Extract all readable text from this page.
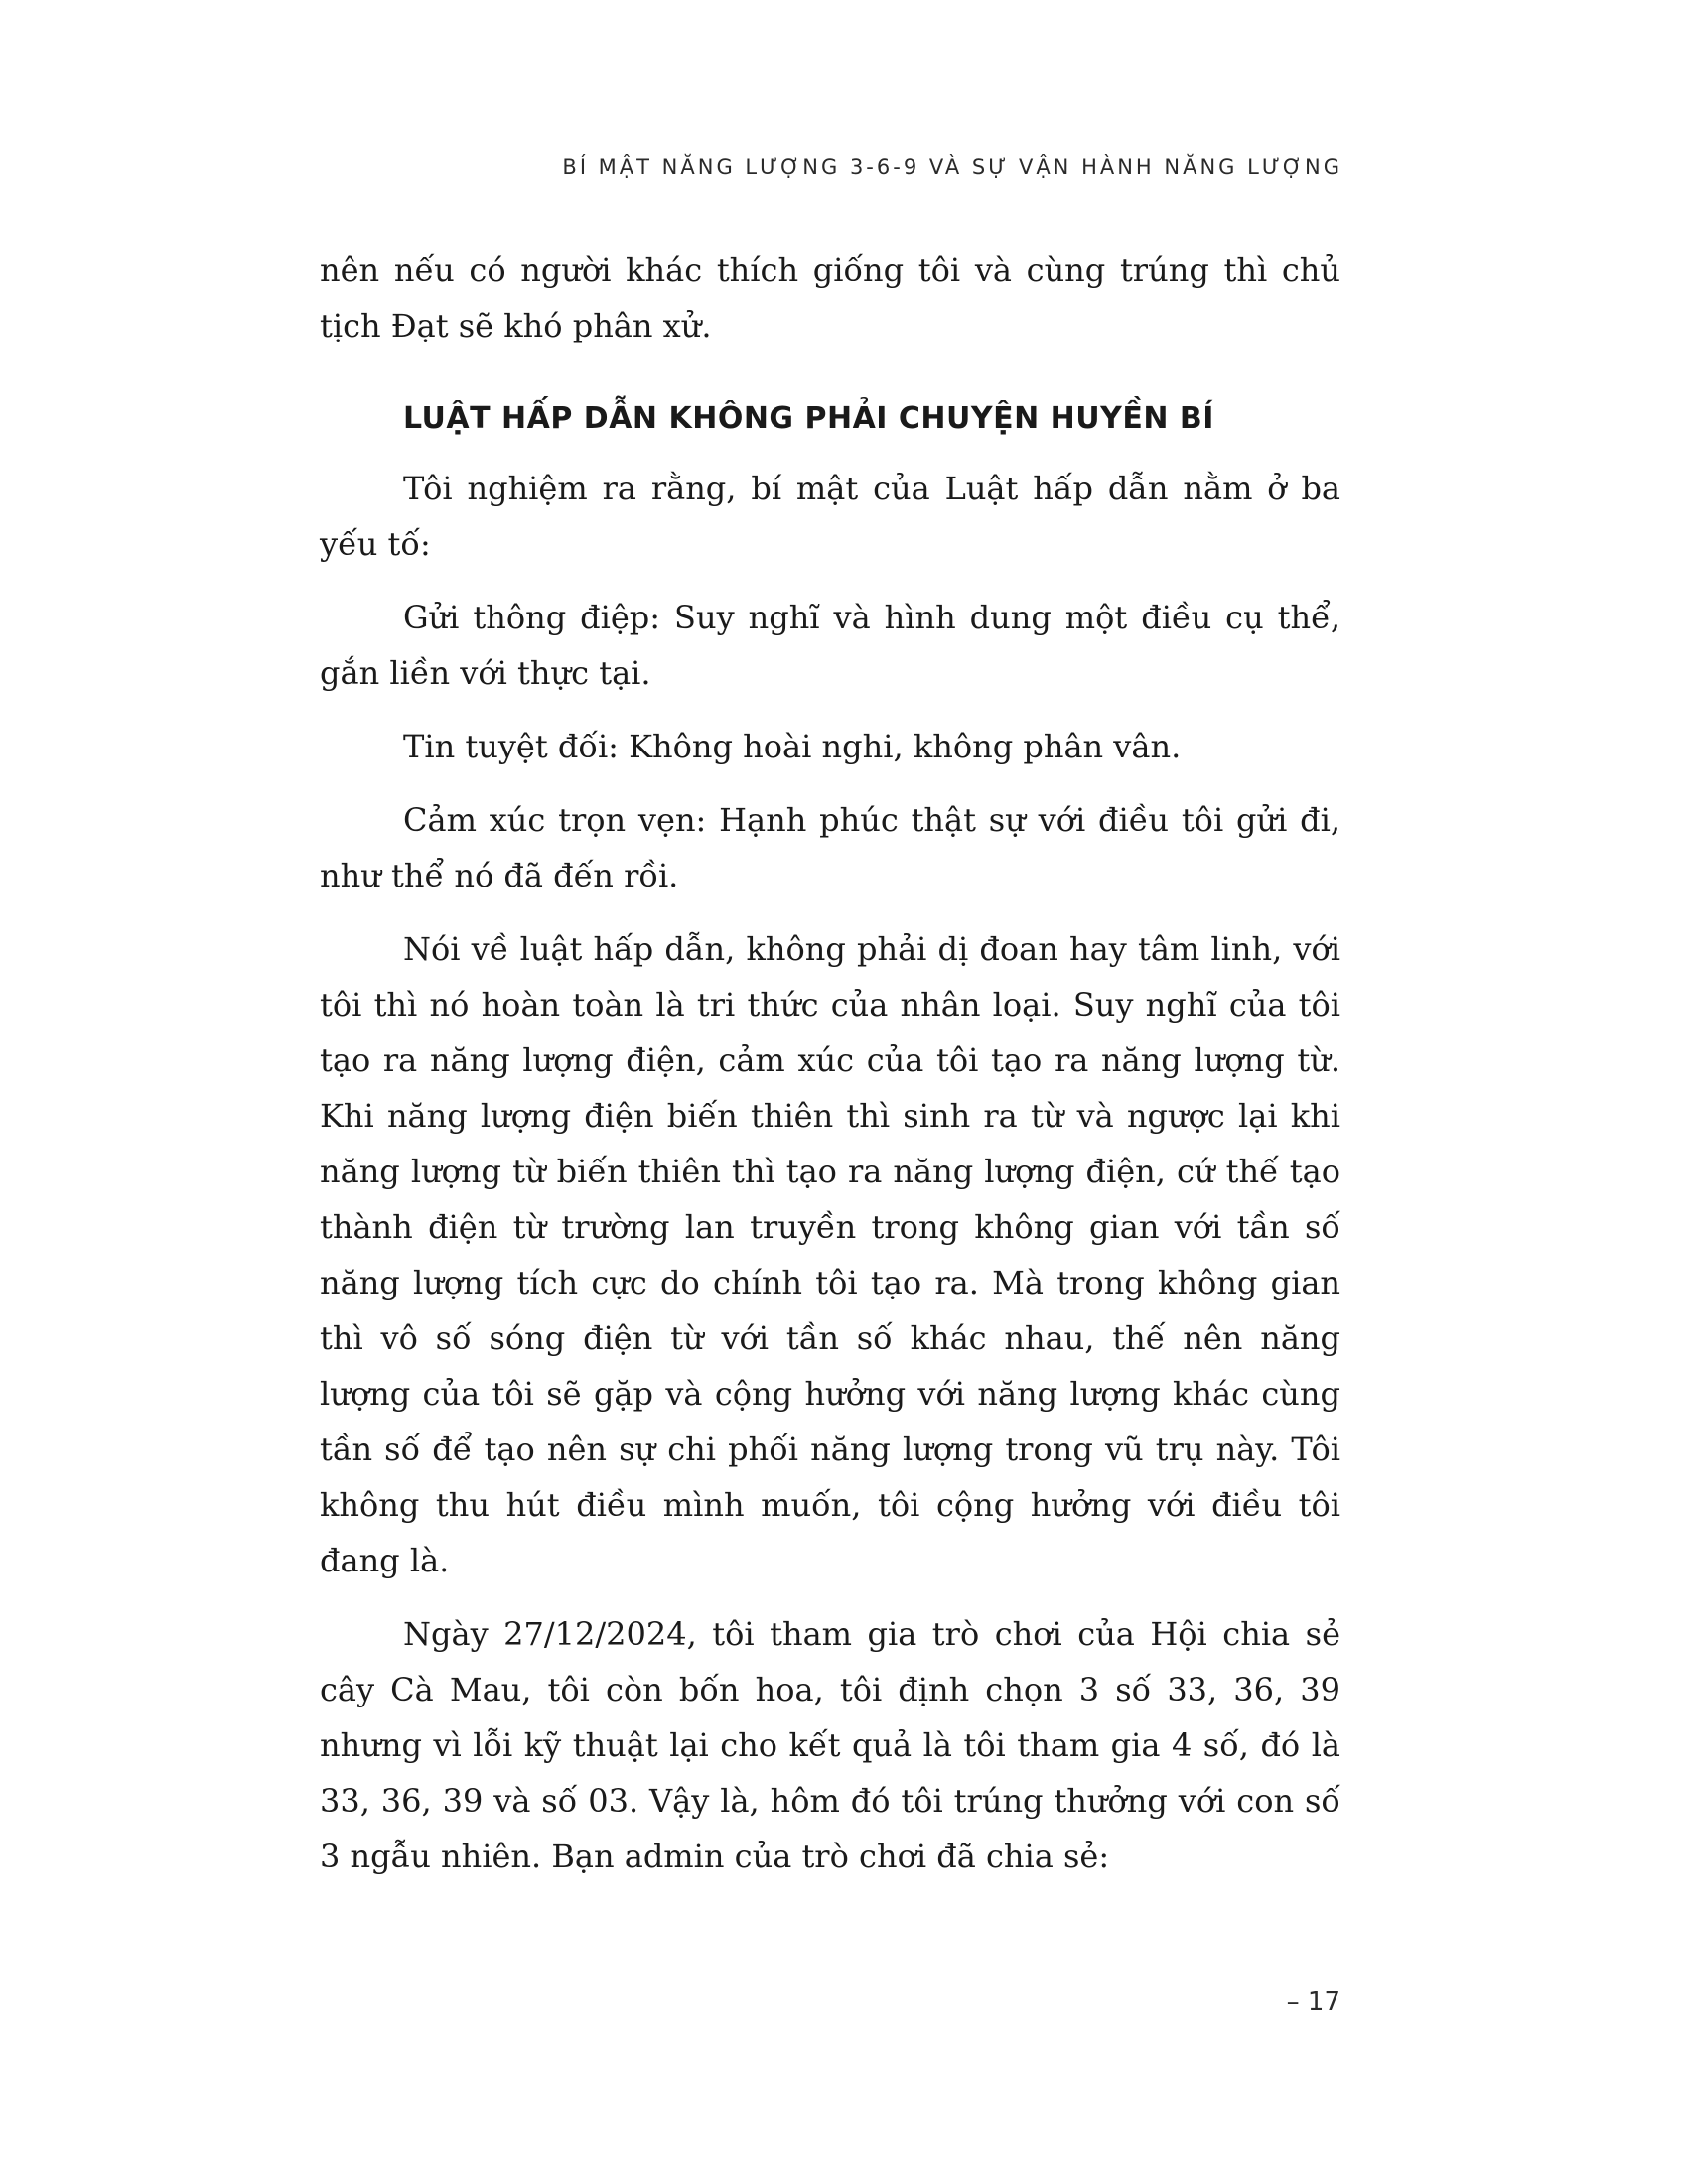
BÍ MẬT NĂNG LƯỢNG 3-6-9 VÀ SỰ VẬN HÀNH NĂNG LƯỢNG

nên nếu có người khác thích giống tôi và cùng trúng thì chủ tịch Đạt sẽ khó phân xử.

LUẬT HẤP DẪN KHÔNG PHẢI CHUYỆN HUYỀN BÍ

Tôi nghiệm ra rằng, bí mật của Luật hấp dẫn nằm ở ba yếu tố:

Gửi thông điệp: Suy nghĩ và hình dung một điều cụ thể, gắn liền với thực tại.

Tin tuyệt đối: Không hoài nghi, không phân vân.

Cảm xúc trọn vẹn: Hạnh phúc thật sự với điều tôi gửi đi, như thể nó đã đến rồi.

Nói về luật hấp dẫn, không phải dị đoan hay tâm linh, với tôi thì nó hoàn toàn là tri thức của nhân loại. Suy nghĩ của tôi tạo ra năng lượng điện, cảm xúc của tôi tạo ra năng lượng từ. Khi năng lượng điện biến thiên thì sinh ra từ và ngược lại khi năng lượng từ biến thiên thì tạo ra năng lượng điện, cứ thế tạo thành điện từ trường lan truyền trong không gian với tần số năng lượng tích cực do chính tôi tạo ra. Mà trong không gian thì vô số sóng điện từ với tần số khác nhau, thế nên năng lượng của tôi sẽ gặp và cộng hưởng với năng lượng khác cùng tần số để tạo nên sự chi phối năng lượng trong vũ trụ này. Tôi không thu hút điều mình muốn, tôi cộng hưởng với điều tôi đang là.

Ngày 27/12/2024, tôi tham gia trò chơi của Hội chia sẻ cây Cà Mau, tôi còn bốn hoa, tôi định chọn 3 số 33, 36, 39 nhưng vì lỗi kỹ thuật lại cho kết quả là tôi tham gia 4 số, đó là 33, 36, 39 và số 03. Vậy là, hôm đó tôi trúng thưởng với con số 3 ngẫu nhiên. Bạn admin của trò chơi đã chia sẻ:

– 17
